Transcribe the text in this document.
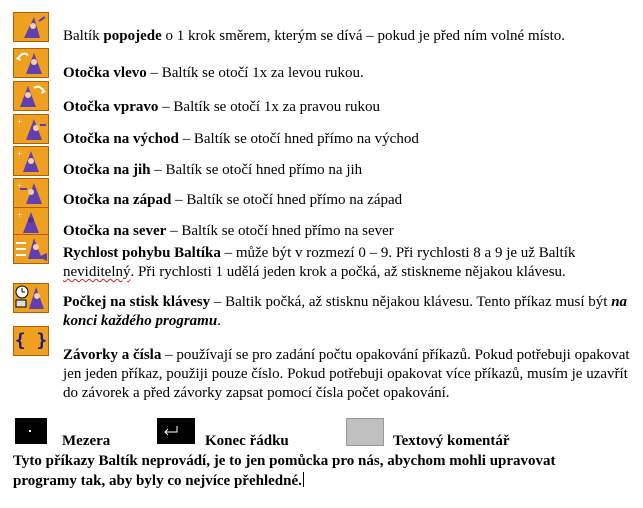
Baltík popojede o 1 krok směrem, kterým se dívá – pokud je před ním volné místo.
Otočka vlevo – Baltík se otočí 1x za levou rukou.
Otočka vpravo – Baltík se otočí 1x za pravou rukou
+
Otočka na východ – Baltík se otočí hned přímo na východ
+
Otočka na jih – Baltík se otočí hned přímo na jih
+
Otočka na západ – Baltík se otočí hned přímo na západ
+
Otočka na sever – Baltík se otočí hned přímo na sever
Rychlost pohybu Baltíka – může být v rozmezí 0 – 9. Při rychlosti 8 a 9 je už Baltík neviditelný. Při rychlosti 1 udělá jeden krok a počká, až stiskneme nějakou klávesu.
Počkej na stisk klávesy – Baltik počká, až stisknu nějakou klávesu. Tento příkaz musí být na konci každého programu.
{ }
Závorky a čísla – používají se pro zadání počtu opakování příkazů. Pokud potřebuji opakovat jen jeden příkaz, použiji pouze číslo. Pokud potřebuji opakovat více příkazů, musím je uzavřít do závorek a před závorky zapsat pomocí čísla počet opakování.
Mezera	Konec řádku	Textový komentář
Tyto příkazy Baltík neprovádí, je to jen pomůcka pro nás, abychom mohli upravovat programy tak, aby byly co nejvíce přehledné.
